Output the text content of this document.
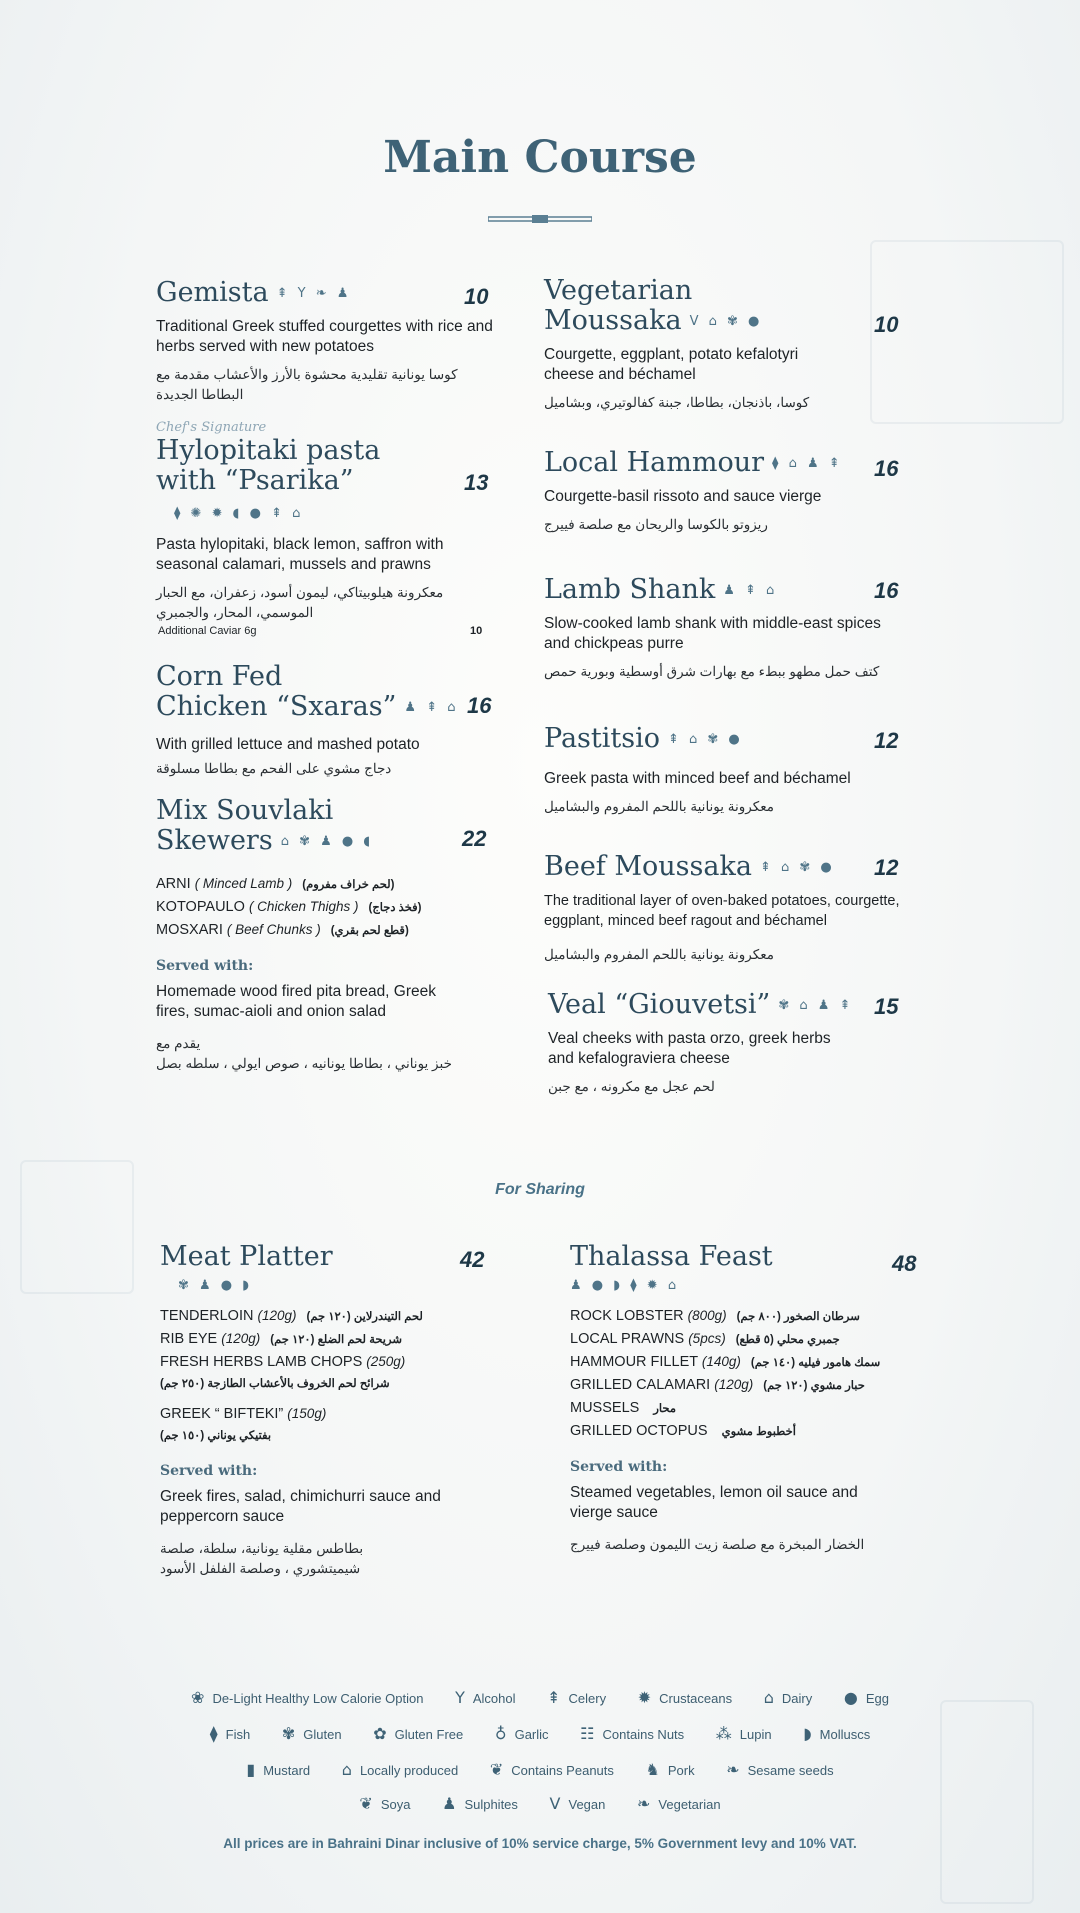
Main Course
Gemista ⇞ Y ❧ ♟
Traditional Greek stuffed courgettes with rice and herbs served with new potatoes
كوسا يونانية تقليدية محشوة بالأرز والأعشاب مقدمة مع البطاطا الجديدة
10
Chef's Signature
Hylopitaki pasta
with “Psarika”
⧫ ✺ ✹ ◖ ● ⇞ ⌂
Pasta hylopitaki, black lemon, saffron with seasonal calamari, mussels and prawns
معكرونة هيلوبيتاكي، ليمون أسود، زعفران، مع الحبار الموسمي، المحار، والجمبري
13
Additional Caviar 6g	10
Corn Fed
Chicken “Sxaras” ♟ ⇞ ⌂
With grilled lettuce and mashed potato
دجاج مشوي على الفحم مع بطاطا مسلوقة
16
Mix Souvlaki
Skewers ⌂ ✾ ♟ ● ◖
ARNI ( Minced Lamb ) (لحم خراف مفروم)
KOTOPAULO ( Chicken Thighs ) (فخذ دجاج)
MOSXARI ( Beef Chunks ) (قطع لحم بقري)
Served with:
Homemade wood fired pita bread, Greek fires, sumac-aioli and onion salad
يقدم مع
خبز يوناني ، بطاطا يونانيه ، صوص ايولي ، سلطه بصل
22
Vegetarian
Moussaka V ⌂ ✾ ●
Courgette, eggplant, potato kefalotyri cheese and béchamel
كوسا، باذنجان، بطاطا، جبنة كفالوتيري، وبشاميل
10
Local Hammour ⧫ ⌂ ♟ ⇞
Courgette-basil rissoto and sauce vierge
ريزوتو بالكوسا والريحان مع صلصة فييرج
16
Lamb Shank ♟ ⇞ ⌂
Slow-cooked lamb shank with middle-east spices and chickpeas purre
كتف حمل مطهو ببطء مع بهارات شرق أوسطية وبورية حمص
16
Pastitsio ⇞ ⌂ ✾ ●
Greek pasta with minced beef and béchamel
معكرونة يونانية باللحم المفروم والبشاميل
12
Beef Moussaka ⇞ ⌂ ✾ ●
The traditional layer of oven-baked potatoes, courgette, eggplant, minced beef ragout and béchamel
معكرونة يونانية باللحم المفروم والبشاميل
12
Veal “Giouvetsi” ✾ ⌂ ♟ ⇞
Veal cheeks with pasta orzo, greek herbs and kefalograviera cheese
لحم عجل مع مكرونه ، مع جبن
15
For Sharing
Meat Platter
✾ ♟ ● ◗
TENDERLOIN (120g) لحم التيندرلاين (١٢٠ جم)
RIB EYE (120g) شريحة لحم الضلع (١٢٠ جم)
FRESH HERBS LAMB CHOPS (250g)
شرائح لحم الخروف بالأعشاب الطازجة (٢٥٠ جم)
GREEK “ BIFTEKI” (150g)
بفتيكي يوناني (١٥٠ جم)
Served with:
Greek fires, salad, chimichurri sauce and peppercorn sauce
بطاطس مقلية يونانية، سلطة، صلصة
شيميتشوري ، وصلصة الفلفل الأسود
42	Thalassa Feast
♟ ● ◗ ⧫ ✹ ⌂
ROCK LOBSTER (800g) سرطان الصخور (٨٠٠ جم)
LOCAL PRAWNS (5pcs) جمبري محلي (٥ قطع)
HAMMOUR FILLET (140g) سمك هامور فيليه (١٤٠ جم)
GRILLED CALAMARI (120g) حبار مشوي (١٢٠ جم)
MUSSELS محار
GRILLED OCTOPUS أخطبوط مشوي
Served with:
Steamed vegetables, lemon oil sauce and vierge sauce
الخضار المبخرة مع صلصة زيت الليمون وصلصة فييرج
48
❀ De-Light Healthy Low Calorie Option Y Alcohol ⇞ Celery ✹ Crustaceans ⌂ Dairy ● Egg
⧫ Fish ✾ Gluten ✿ Gluten Free ♁ Garlic ☷ Contains Nuts ⁂ Lupin ◗ Molluscs
▮ Mustard ⌂ Locally produced ❦ Contains Peanuts ♞ Pork ❧ Sesame seeds
❦ Soya ♟ Sulphites V Vegan ❧ Vegetarian
All prices are in Bahraini Dinar inclusive of 10% service charge, 5% Government levy and 10% VAT.
